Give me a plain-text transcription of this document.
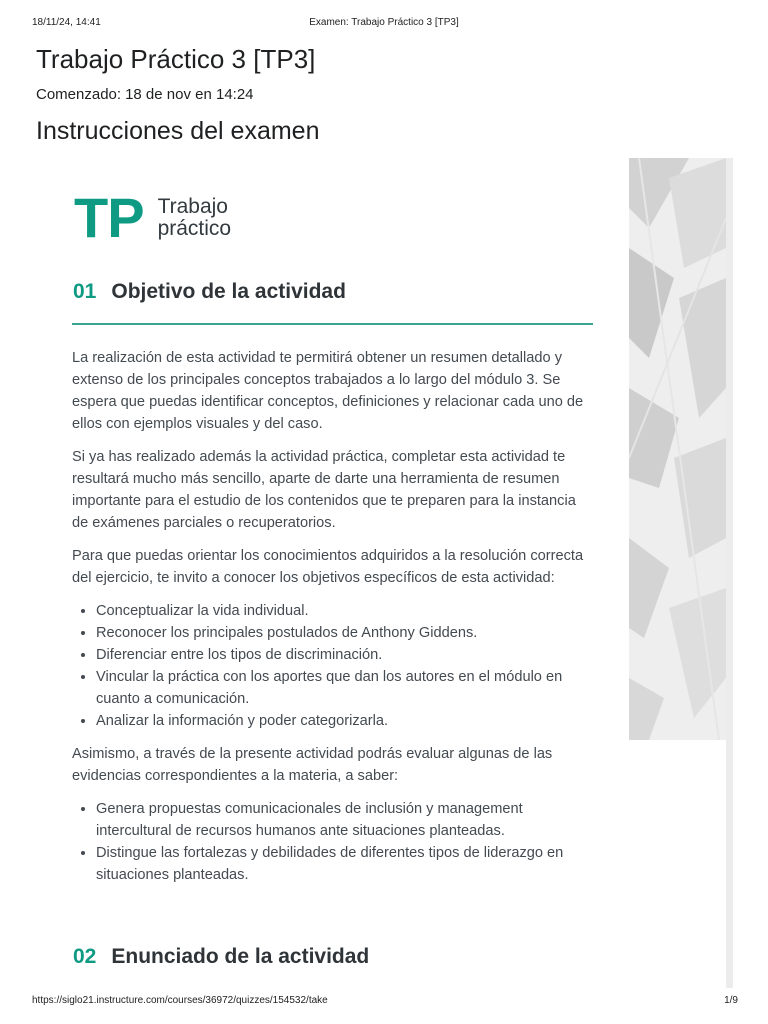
18/11/24, 14:41	Examen: Trabajo Práctico 3 [TP3]
Trabajo Práctico 3 [TP3]
Comenzado: 18 de nov en 14:24
Instrucciones del examen
TP Trabajo
práctico
01 Objetivo de la actividad

La realización de esta actividad te permitirá obtener un resumen detallado y extenso de los principales conceptos trabajados a lo largo del módulo 3. Se espera que puedas identificar conceptos, definiciones y relacionar cada uno de ellos con ejemplos visuales y del caso.

Si ya has realizado además la actividad práctica, completar esta actividad te resultará mucho más sencillo, aparte de darte una herramienta de resumen importante para el estudio de los contenidos que te preparen para la instancia de exámenes parciales o recuperatorios.

Para que puedas orientar los conocimientos adquiridos a la resolución correcta del ejercicio, te invito a conocer los objetivos específicos de esta actividad:

• Conceptualizar la vida individual.
• Reconocer los principales postulados de Anthony Giddens.
• Diferenciar entre los tipos de discriminación.
• Vincular la práctica con los aportes que dan los autores en el módulo en cuanto a comunicación.
• Analizar la información y poder categorizarla.

Asimismo, a través de la presente actividad podrás evaluar algunas de las evidencias correspondientes a la materia, a saber:

• Genera propuestas comunicacionales de inclusión y management intercultural de recursos humanos ante situaciones planteadas.
• Distingue las fortalezas y debilidades de diferentes tipos de liderazgo en situaciones planteadas.
02 Enunciado de la actividad
https://siglo21.instructure.com/courses/36972/quizzes/154532/take	1/9
